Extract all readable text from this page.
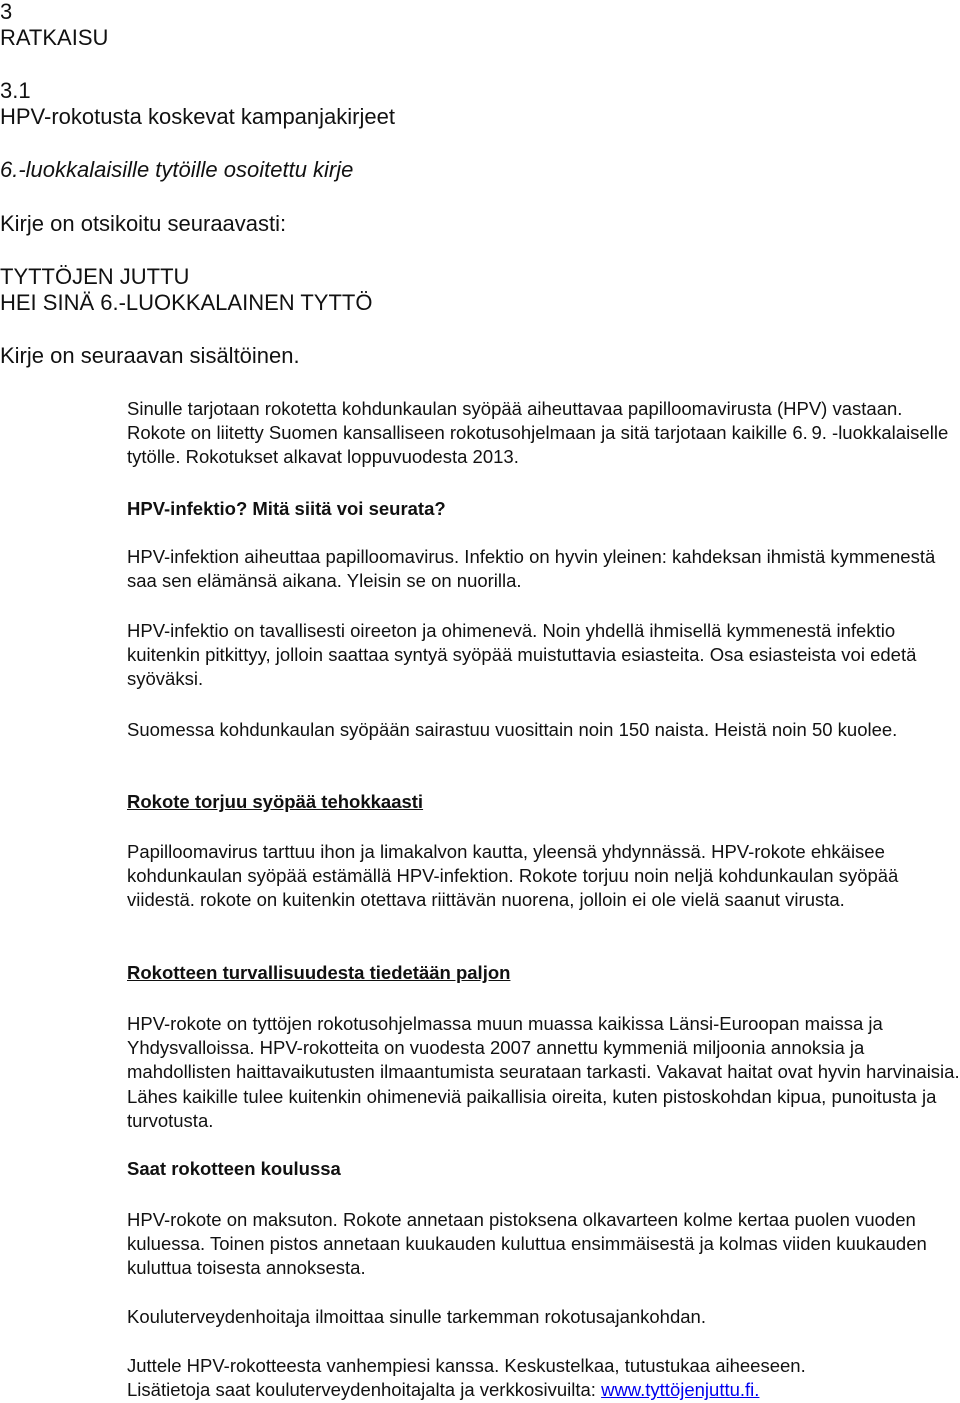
3
RATKAISU
3.1
HPV-rokotusta koskevat kampanjakirjeet
6.-luokkalaisille tytöille osoitettu kirje
Kirje on otsikoitu seuraavasti:
TYTTÖJEN JUTTU
HEI SINÄ 6.-LUOKKALAINEN TYTTÖ
Kirje on seuraavan sisältöinen.

Sinulle tarjotaan rokotetta kohdunkaulan syöpää aiheuttavaa papilloomavirusta (HPV) vastaan. Rokote on liitetty Suomen kansalliseen rokotusohjelmaan ja sitä tarjotaan kaikille 6. 9. -luokkalaiselle tytölle. Rokotukset alkavat loppuvuodesta 2013.

HPV-infektio? Mitä siitä voi seurata?

HPV-infektion aiheuttaa papilloomavirus. Infektio on hyvin yleinen: kahdeksan ihmistä kymmenestä saa sen elämänsä aikana. Yleisin se on nuorilla.

HPV-infektio on tavallisesti oireeton ja ohimenevä. Noin yhdellä ihmisellä kymmenestä infektio kuitenkin pitkittyy, jolloin saattaa syntyä syöpää muistuttavia esiasteita. Osa esiasteista voi edetä syöväksi.

Suomessa kohdunkaulan syöpään sairastuu vuosittain noin 150 naista. Heistä noin 50 kuolee.

Rokote torjuu syöpää tehokkaasti

Papilloomavirus tarttuu ihon ja limakalvon kautta, yleensä yhdynnässä. HPV-rokote ehkäisee kohdunkaulan syöpää estämällä HPV-infektion. Rokote torjuu noin neljä kohdunkaulan syöpää viidestä. rokote on kuitenkin otettava riittävän nuorena, jolloin ei ole vielä saanut virusta.

Rokotteen turvallisuudesta tiedetään paljon

HPV-rokote on tyttöjen rokotusohjelmassa muun muassa kaikissa Länsi-Euroopan maissa ja Yhdysvalloissa. HPV-rokotteita on vuodesta 2007 annettu kymmeniä miljoonia annoksia ja mahdollisten haittavaikutusten ilmaantumista seurataan tarkasti. Vakavat haitat ovat hyvin harvinaisia. Lähes kaikille tulee kuitenkin ohimeneviä paikallisia oireita, kuten pistoskohdan kipua, punoitusta ja turvotusta.

Saat rokotteen koulussa

HPV-rokote on maksuton. Rokote annetaan pistoksena olkavarteen kolme kertaa puolen vuoden kuluessa. Toinen pistos annetaan kuukauden kuluttua ensimmäisestä ja kolmas viiden kuukauden kuluttua toisesta annoksesta.

Kouluterveydenhoitaja ilmoittaa sinulle tarkemman rokotusajankohdan.

Juttele HPV-rokotteesta vanhempiesi kanssa. Keskustelkaa, tutustukaa aiheeseen.
Lisätietoja saat kouluterveydenhoitajalta ja verkkosivuilta: www.tyttöjenjuttu.fi.
